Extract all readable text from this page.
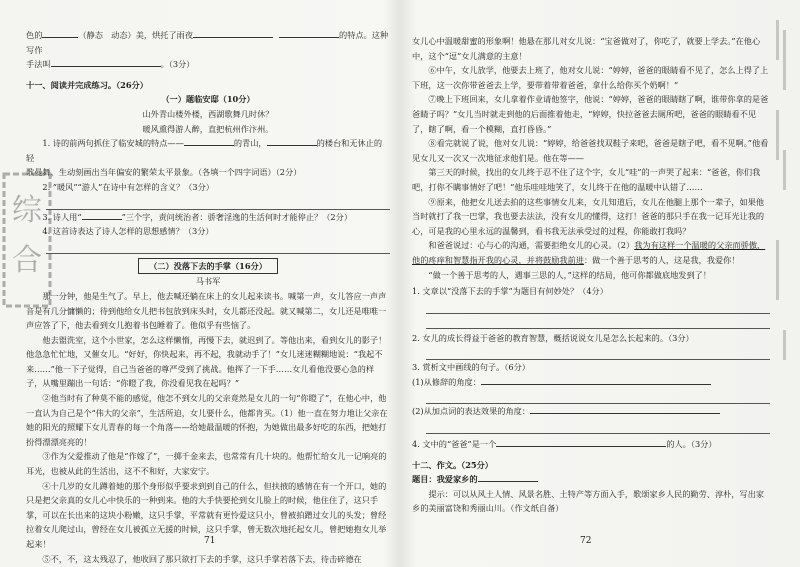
综
合

色的	（静态　动态）美，烘托了雨夜	的特点。这种写作

手法叫	。（3分）

十一、阅读并完成练习。（26分）

（一）题临安邸（10分）

山外青山楼外楼，西湖歌舞几时休？

暖风熏得游人醉，直把杭州作汴州。

1. 诗的前两句抓住了临安城的特点——	的青山，	的楼台和无休止的轻

歌曼舞，生动刻画出当年偏安的繁荣太平景象。（各填一个四字词语）（2分）

2. “暖风”“游人”在诗中有怎样的含义？（3分）

3. 诗人用“	”三个字，责问统治者：骄奢淫逸的生活何时才能停止？（2分）

4. 这首诗表达了诗人怎样的思想感情？（3分）

（二）没落下去的手掌（16分）

马书军

那一分钟，他是生气了。早上，他去喊还躺在床上的女儿起来读书。喊第一声，女儿答应一声声音是有几分慵懒的；待到他给女儿把书包放到床头时，女儿都还没起。就又喊第二，女儿还是唯唯一声应答了下，他去看到女儿抱着书包睡着了。他似乎有些恼了。

他去盥洗室，这个小世家，怎么这样懒惰，再慢下去，就迟到了。等他出来，看到女儿的影子！他急急忙忙地，又催女儿。“好好，你快起来，再不起，我就动手了！”女儿迷迷糊糊地说：“我起不来……”他一下子觉得，自己当爸爸的尊严受到了挑战。他挥了一下手……女儿看他没要心急的样子，从嘴里蹦出一句话：“你瞪了我，你没看见我在起吗？”

②他当时有了种莫不能的感觉，他怎不到女儿的父亲竟然是女儿的一句“你瞪了”，在他心中，他一直认为自己是个“伟大的父亲”，生活所迫，女儿要什么，他都肯买。（1）他一直在努力地让父亲在她的阳光的照耀下女儿青春的每一个角落——给她最温暖的怀抱，为她做出最多好吃的东西，把她打扮得漂漂亮亮的！

③作为父爱推动了他是“作嫁了”，一掷千金来去，也常常有几十块的。他帮忙给女儿一记响亮的耳光，也被从此的生活出，这不不和好，大家安宁。

④十几岁的女儿蹲着她的那个身形似乎要求到到自己的什么，但扶掖的感情在有一个开口，她的只是把父亲真的女儿心中快乐的一种到来。他的大手快要抡到女儿脸上的时候，他住住了，这只手掌，可以在长出来的这块小粉嫩，这只手掌，平常就有更怜爱这只小，曾被拍蹭过女儿的头发；曾经拉着女儿爬过山，曾经在女儿被孤立无援的时候，这只手掌，曾无数次地托起女儿，曾把她抱女儿举起来！

⑤不，不，这太残忍了，他收回了那只欲打下去的手掌，这只手掌若落下去，待击碎德在

71

女儿心中温暖甜蜜的形象啊！他悬在那儿对女儿说：“宝爸做对了，你吃了，就要上学去。”在他心中，这个“逗”女儿满意的主意！

⑥中午，女儿放学，他要去上班了，他对女儿说：“婷婷，爸爸的眼睛看不见了，怎么上得了上下班，这一次你带爸爸去上学，要带着带着爸爸，拿什么给你买个奶啊！”

⑦晚上下班回来，女儿拿着作业请他签字，他说：“婷婷，爸爸的眼睛瞎了啊，谁带你拿的是爸爸睛子吗？”女儿当时就走到他的后面推着他走，“婷婷，快拉爸爸去厕所吧，爸爸的眼睛看不见了，瞎了啊，看一个模糊，直打昏昏。”

⑧看完就说了说，他对女儿说：“婷婷，给爸爸找双鞋子来吧，爸爸是瞎子吧，看不见啊。”他看见女儿又一次又一次地征求他们是。他在等——

第三天的时候，找出的女儿终于忍不住了这个字，女儿“哇”的一声哭了起来：“爸爸，你们我吧，打你不瞒事情好了吧！”他乐哇哇地笑了，女儿终于在他的温暖中认错了……

⑨原来，他把女儿送去拍的这些事情女儿来，女儿知道后，女儿在他腿上那个一辈子，如果他当时就打了我一巴掌，我也要去法法，没有女儿的懂得，这打！爸爸的那只手在我一记耳光让我的心，可是我的心里永远的温馨到，看书我无法承受过的过程，你能敢打我吗？

和爸爸说过：心与心的沟通，需要拒绝女儿的心灵。（2）我为有这样一个温暖的父亲而骄傲，他的疼痒和智慧指开我的心灵，并将鼓励我前进：做一个善于思考的人，这是我，我爱你！

“做一个善于思考的人，遇事三思的人，”这样的结局，他可你都做底地发到了！

1. 文章以“没落下去的手掌”为题目有何妙处？（4分）

2. 女儿的成长得益于爸爸的教育智慧，概括说说女儿是怎么长起来的。（3分）

3. 赏析文中画线的句子。（6分）

(1)从修辞的角度：

(2)从加点词的表达效果的角度：

4. 文中的“爸爸”是一个	的人。（3分）

十二、作文。（25分）

题目：我爱家乡的

提示：可以从风土人情、风景名胜、土特产等方面入手，歌颂家乡人民的勤劳、淳朴，写出家乡的美丽富饶和秀丽山川。（作文纸自备）

72
